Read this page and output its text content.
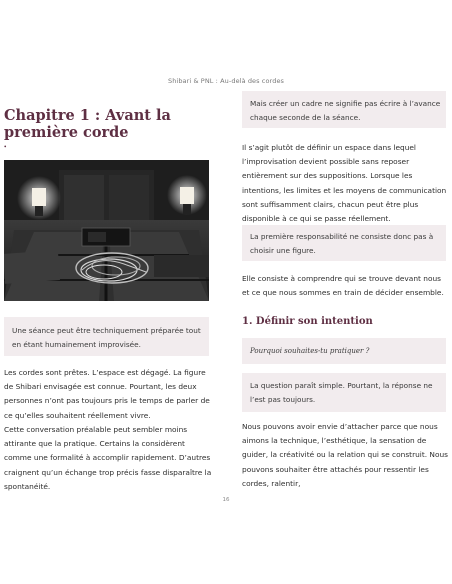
Shibari & PNL : Au-delà des cordes
Chapitre 1 : Avant la première corde
•
Une séance peut être techniquement préparée tout en étant humainement improvisée.

Les cordes sont prêtes. L’espace est dégagé. La figure de Shibari envisagée est connue. Pourtant, les deux personnes n’ont pas toujours pris le temps de parler de ce qu’elles souhaitent réellement vivre.

Cette conversation préalable peut sembler moins attirante que la pratique. Certains la considèrent comme une formalité à accomplir rapidement. D’autres craignent qu’un échange trop précis fasse disparaître la spontanéité.

Mais créer un cadre ne signifie pas écrire à l’avance chaque seconde de la séance.

Il s’agit plutôt de définir un espace dans lequel l’improvisation devient possible sans reposer entièrement sur des suppositions. Lorsque les intentions, les limites et les moyens de communication sont suffisamment clairs, chacun peut être plus disponible à ce qui se passe réellement.

La première responsabilité ne consiste donc pas à choisir une figure.

Elle consiste à comprendre qui se trouve devant nous et ce que nous sommes en train de décider ensemble.

1. Définir son intention
Pourquoi souhaites-tu pratiquer ?
La question paraît simple. Pourtant, la réponse ne l’est pas toujours.

Nous pouvons avoir envie d’attacher parce que nous aimons la technique, l’esthétique, la sensation de guider, la créativité ou la relation qui se construit. Nous pouvons souhaiter être attachés pour ressentir les cordes, ralentir,

16
